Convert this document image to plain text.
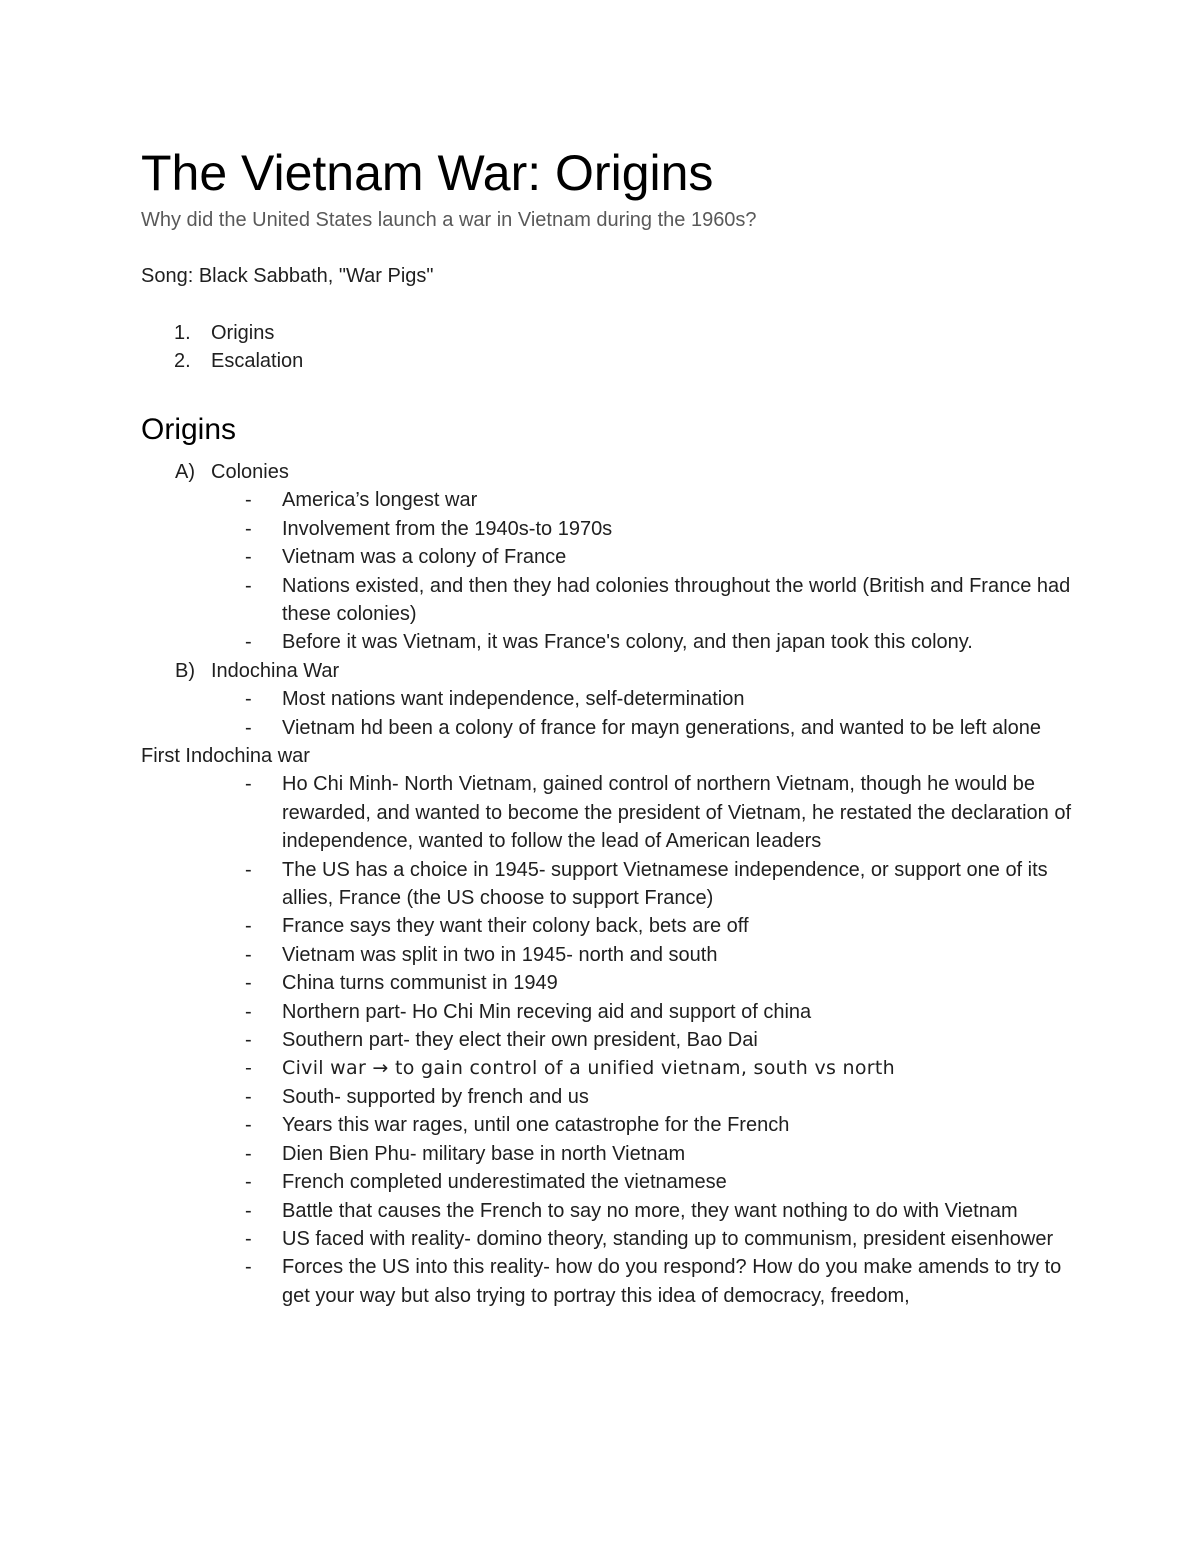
The Vietnam War: Origins
Why did the United States launch a war in Vietnam during the 1960s?
Song: Black Sabbath, "War Pigs"
1.	Origins
2.	Escalation
Origins
A) Colonies
- America’s longest war
- Involvement from the 1940s-to 1970s
- Vietnam was a colony of France
- Nations existed, and then they had colonies throughout the world (British and France had these colonies)
- Before it was Vietnam, it was France's colony, and then japan took this colony.
B) Indochina War
- Most nations want independence, self-determination
- Vietnam hd been a colony of france for mayn generations, and wanted to be left alone
First Indochina war
- Ho Chi Minh- North Vietnam, gained control of northern Vietnam, though he would be rewarded, and wanted to become the president of Vietnam, he restated the declaration of independence, wanted to follow the lead of American leaders
- The US has a choice in 1945- support Vietnamese independence, or support one of its allies, France (the US choose to support France)
- France says they want their colony back, bets are off
- Vietnam was split in two in 1945- north and south
- China turns communist in 1949
- Northern part- Ho Chi Min receving aid and support of china
- Southern part- they elect their own president, Bao Dai
- Civil war → to gain control of a unified vietnam, south vs north
- South- supported by french and us
- Years this war rages, until one catastrophe for the French
- Dien Bien Phu- military base in north Vietnam
- French completed underestimated the vietnamese
- Battle that causes the French to say no more, they want nothing to do with Vietnam
- US faced with reality- domino theory, standing up to communism, president eisenhower
- Forces the US into this reality- how do you respond? How do you make amends to try to get your way but also trying to portray this idea of democracy, freedom,
